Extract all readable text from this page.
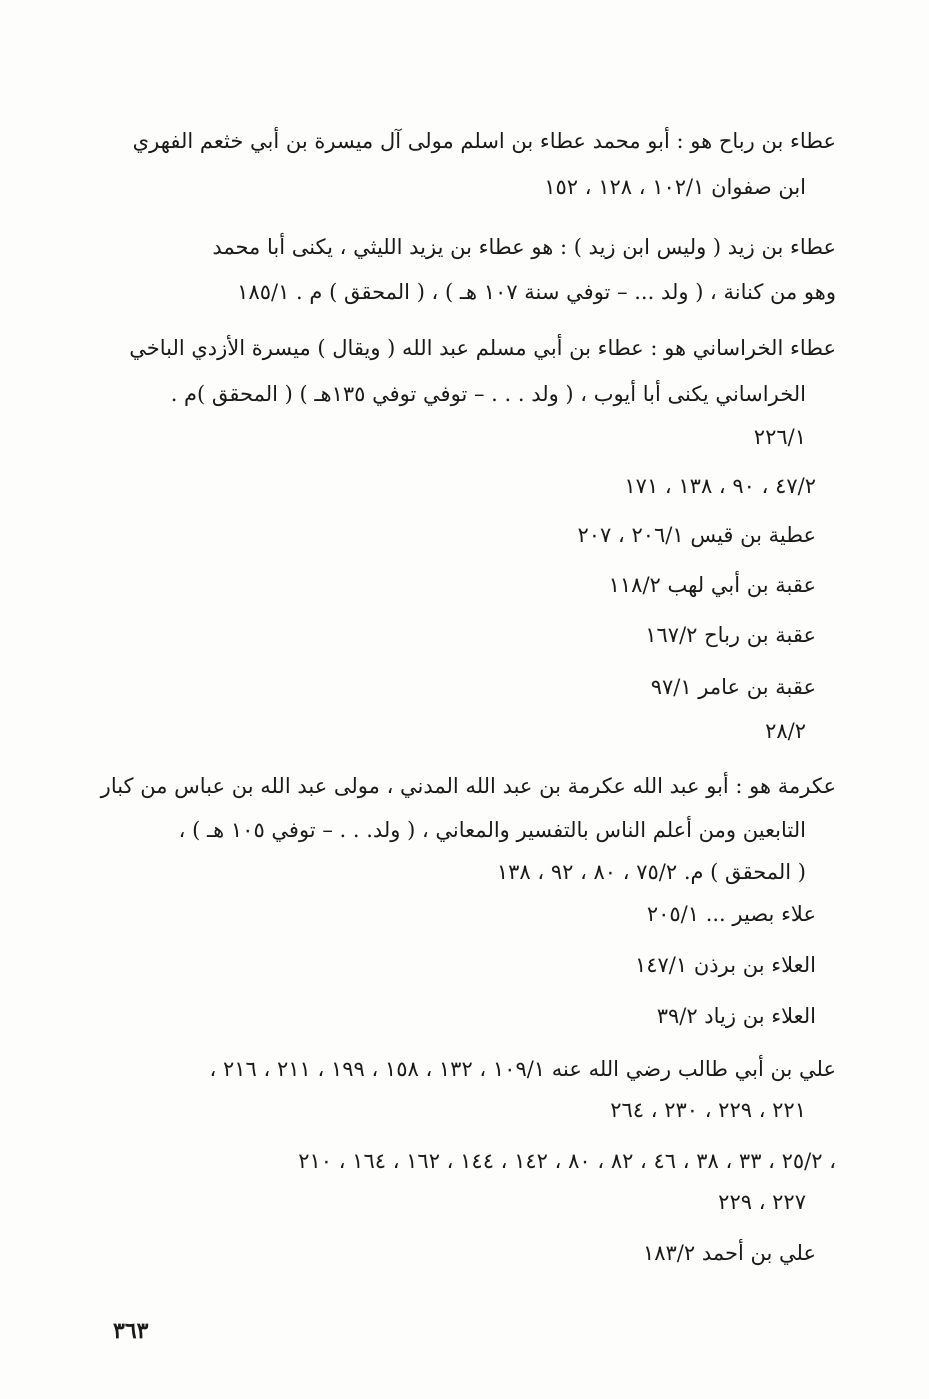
عطاء بن رباح هو : أبو محمد عطاء بن اسلم مولى آل ميسرة بن أبي خثعم الفهري
ابن صفوان ١٠٢/١ ، ١٢٨ ، ١٥٢
عطاء بن زيد ( وليس ابن زيد ) : هو عطاء بن يزيد الليثي ، يكنى أبا محمد
وهو من كنانة ، ( ولد ... – توفي سنة ١٠٧ هـ ) ، ( المحقق ) م . ١٨٥/١
عطاء الخراساني هو : عطاء بن أبي مسلم عبد الله ( ويقال ) ميسرة الأزدي الباخي
الخراساني يكنى أبا أيوب ، ( ولد . . . – توفي توفي ١٣٥هـ ) ( المحقق )م .
٢٢٦/١
٤٧/٢ ، ٩٠ ، ١٣٨ ، ١٧١
عطية بن قيس ٢٠٦/١ ، ٢٠٧
عقبة بن أبي لهب ١١٨/٢
عقبة بن رباح ١٦٧/٢
عقبة بن عامر ٩٧/١
٢٨/٢
عكرمة هو : أبو عبد الله عكرمة بن عبد الله المدني ، مولى عبد الله بن عباس من كبار
التابعين ومن أعلم الناس بالتفسير والمعاني ، ( ولد. . . – توفي ١٠٥ هـ ) ،
( المحقق ) م. ٧٥/٢ ، ٨٠ ، ٩٢ ، ١٣٨
علاء بصير ... ٢٠٥/١
العلاء بن برذن ١٤٧/١
العلاء بن زياد ٣٩/٢
علي بن أبي طالب رضي الله عنه ١٠٩/١ ، ١٣٢ ، ١٥٨ ، ١٩٩ ، ٢١١ ، ٢١٦ ،
٢٢١ ، ٢٢٩ ، ٢٣٠ ، ٢٦٤
٢٥/٢ ، ٣٣ ، ٣٨ ، ٤٦ ، ٨٢ ، ٨٠ ، ١٤٢ ، ١٤٤ ، ١٦٢ ، ١٦٤ ، ٢١٠ ،
٢٢٧ ، ٢٢٩
علي بن أحمد ١٨٣/٢
٣٦٣
